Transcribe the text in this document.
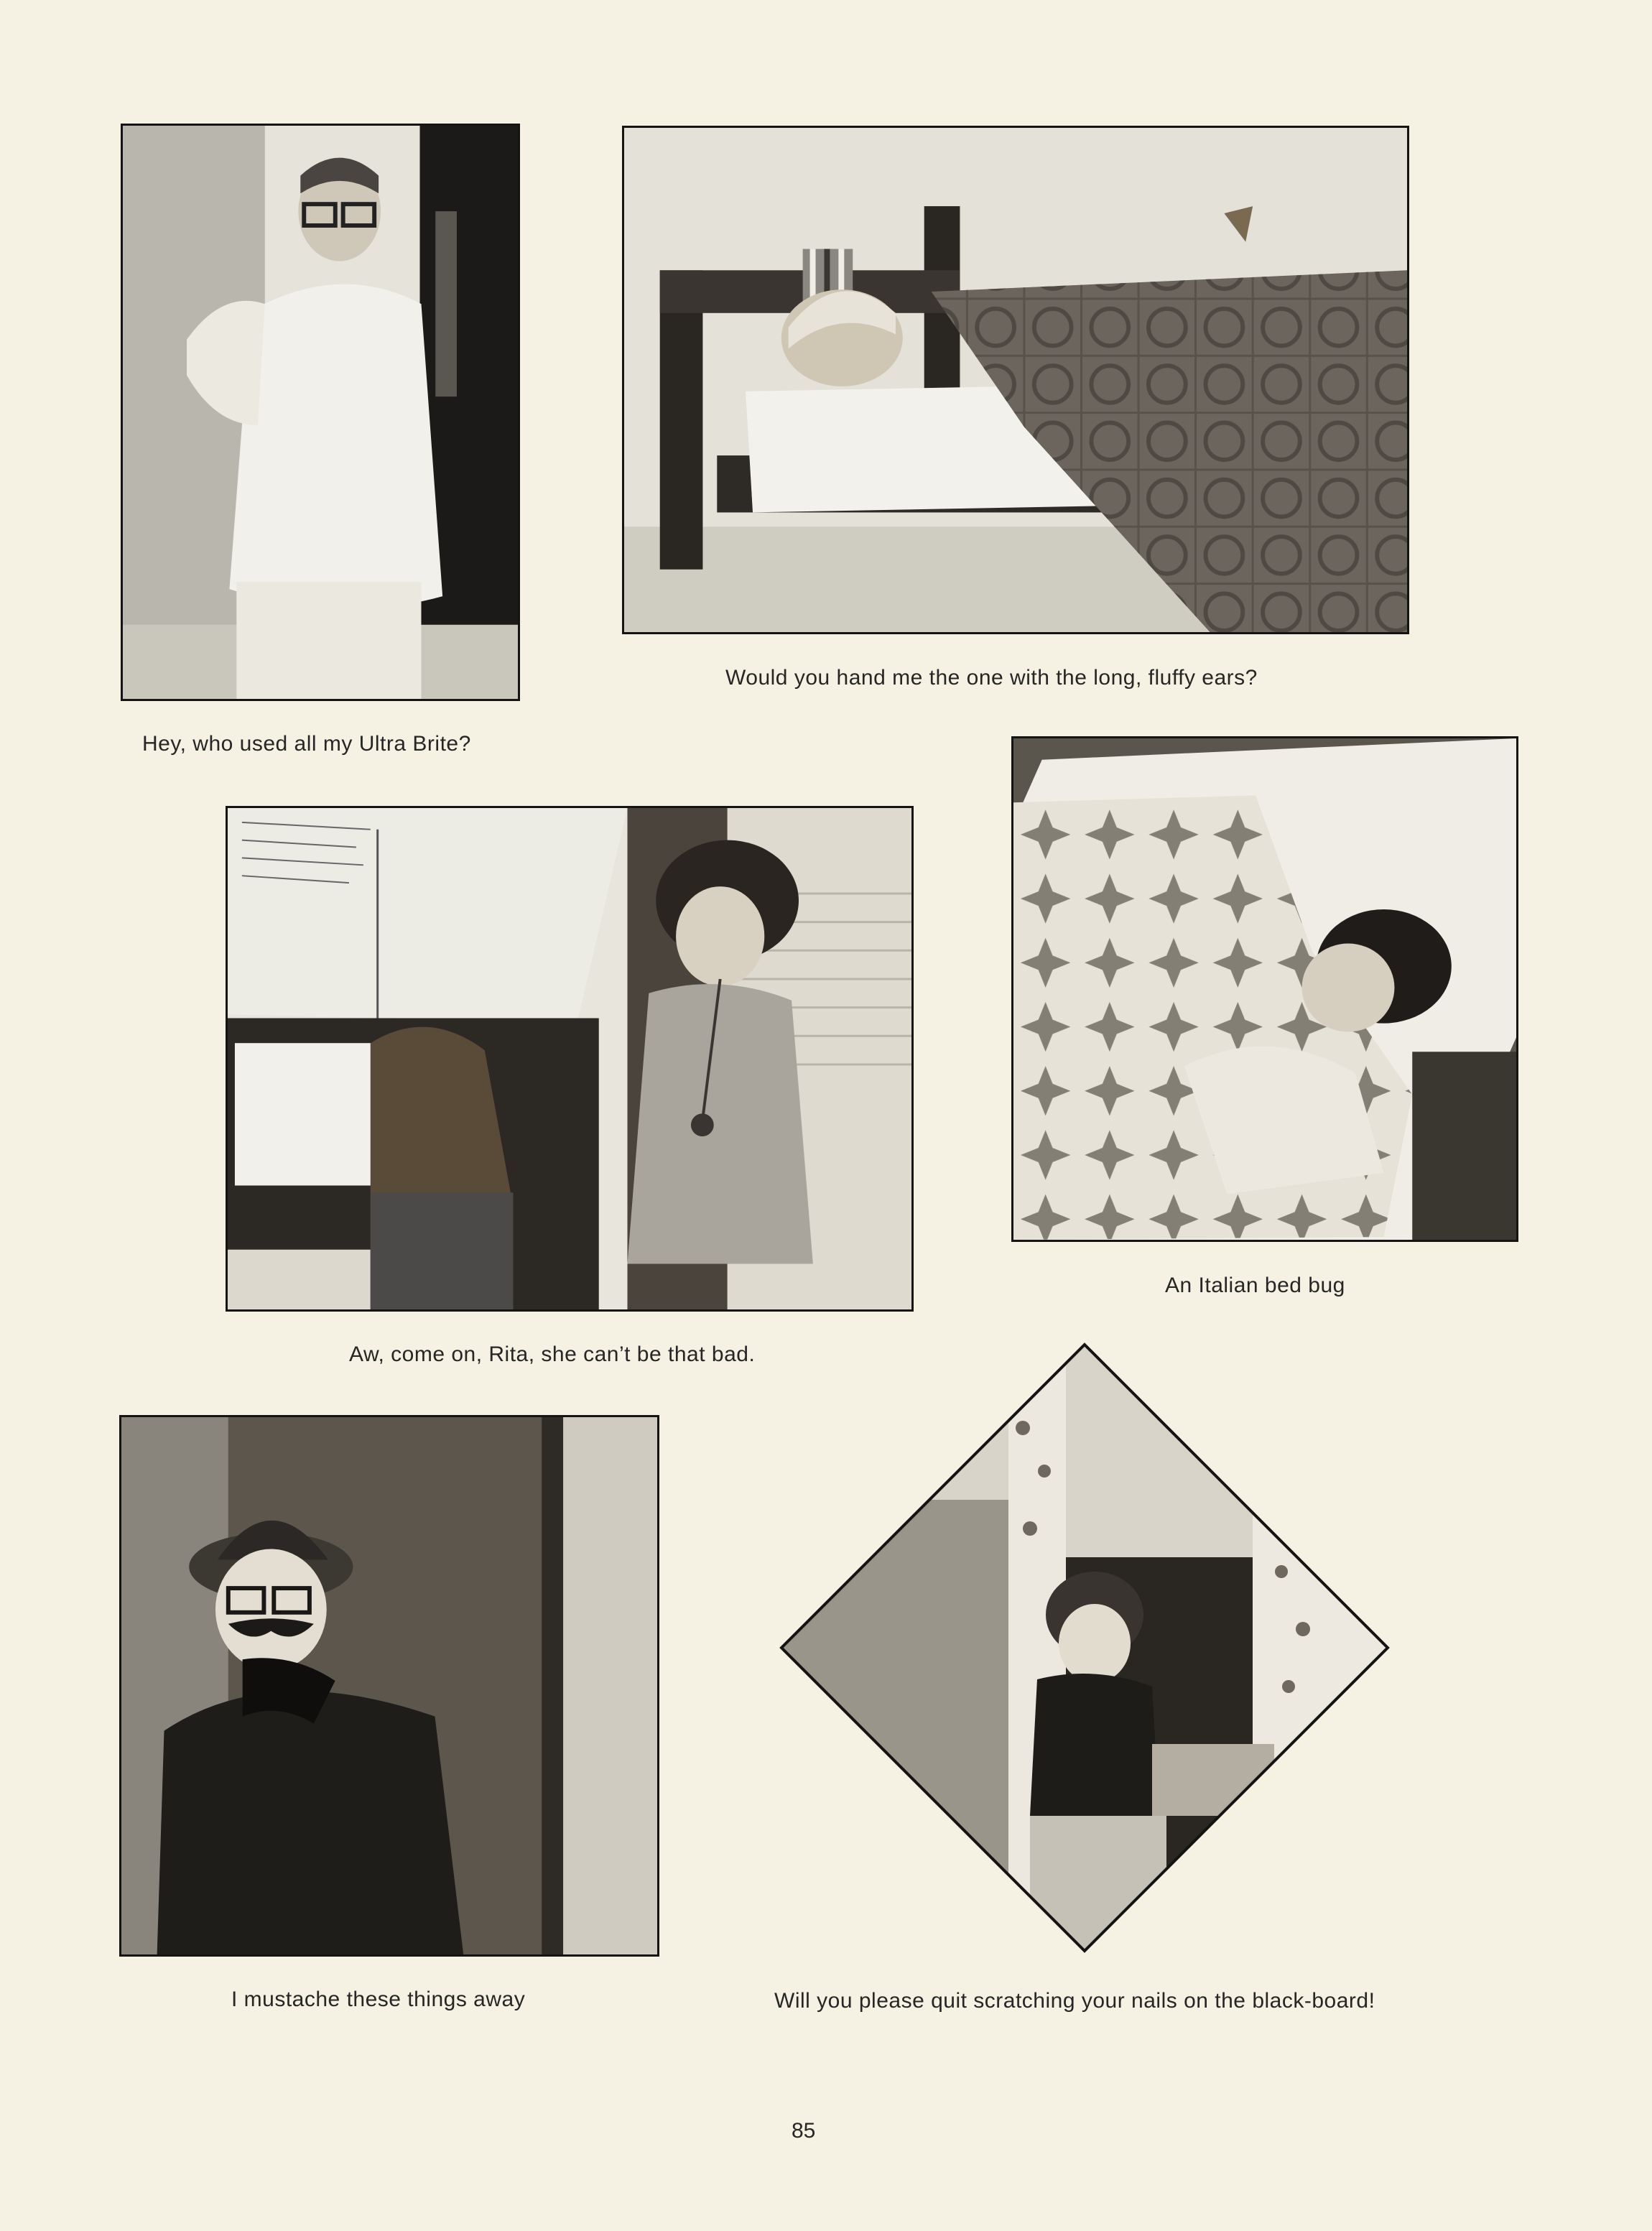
Hey, who used all my Ultra Brite?
Would you hand me the one with the long, fluffy ears?
Aw, come on, Rita, she can’t be that bad.
An Italian bed bug
I mustache these things away	Will you please quit scratching your nails on the black-board!
85
